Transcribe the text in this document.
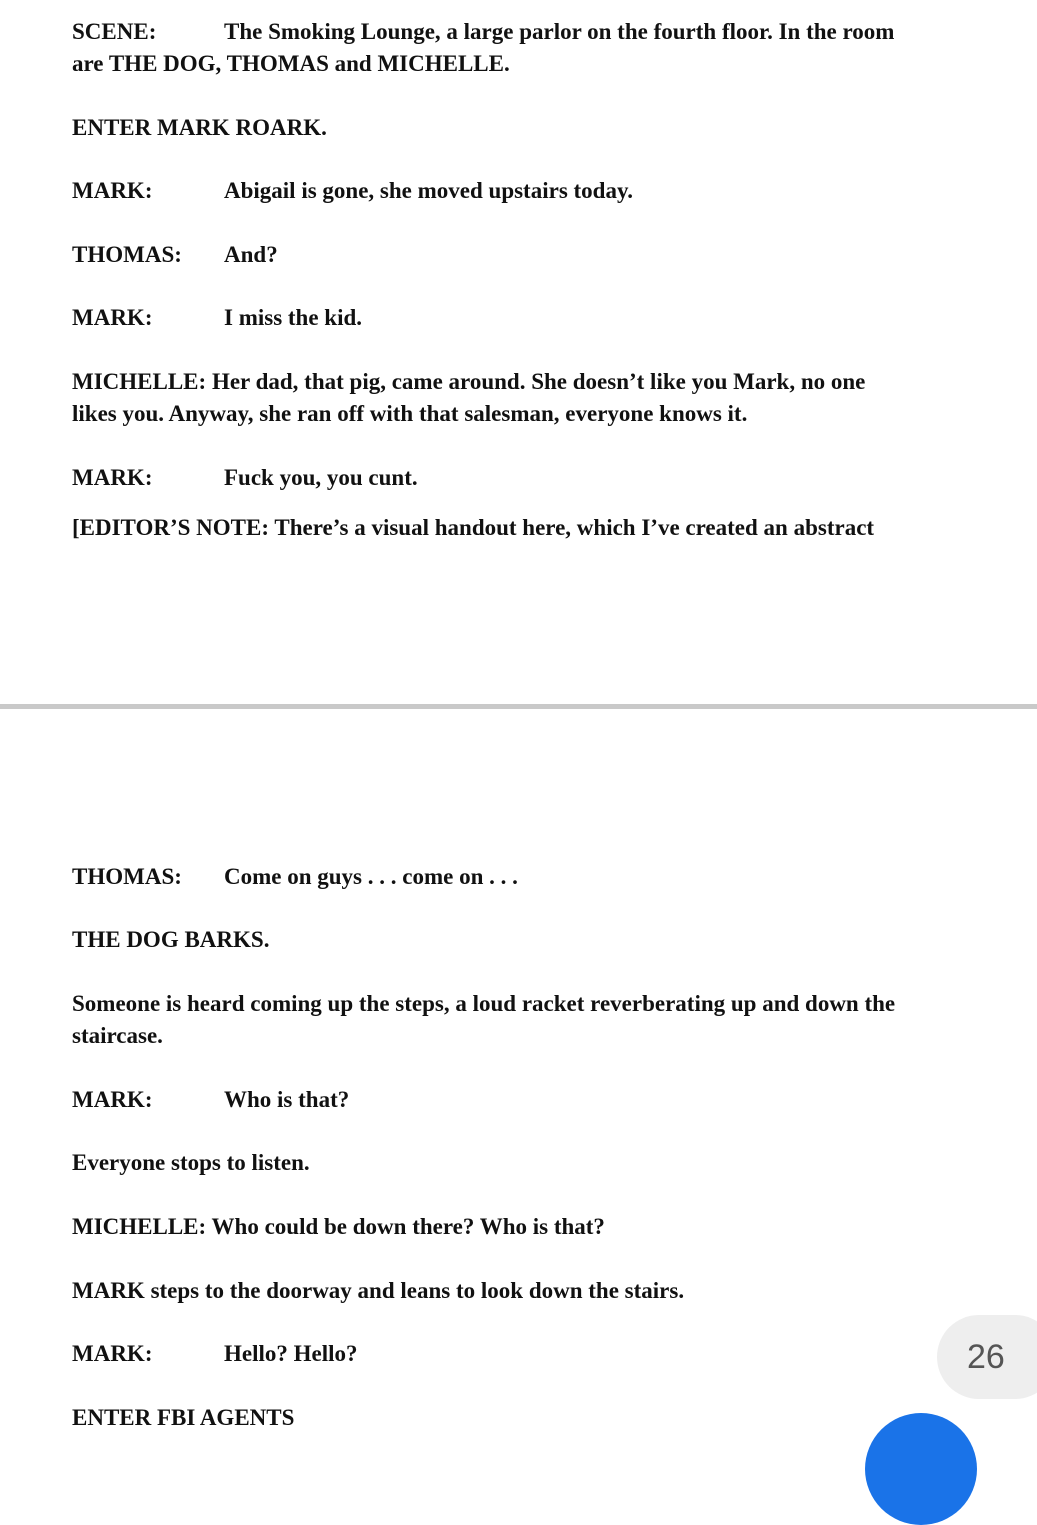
SCENE:	The Smoking Lounge, a large parlor on the fourth floor. In the room
are THE DOG, THOMAS and MICHELLE.
ENTER MARK ROARK.
MARK:	Abigail is gone, she moved upstairs today.
THOMAS: And?
MARK:	I miss the kid.
MICHELLE: Her dad, that pig, came around. She doesn’t like you Mark, no one
likes you. Anyway, she ran off with that salesman, everyone knows it.
MARK:	Fuck you, you cunt.
[EDITOR’S NOTE: There’s a visual handout here, which I’ve created an abstract
THOMAS: Come on guys . . . come on . . .
THE DOG BARKS.
Someone is heard coming up the steps, a loud racket reverberating up and down the
staircase.
MARK:	Who is that?
Everyone stops to listen.
MICHELLE: Who could be down there? Who is that?
MARK steps to the doorway and leans to look down the stairs.
MARK:	Hello? Hello?
ENTER FBI AGENTS
26
